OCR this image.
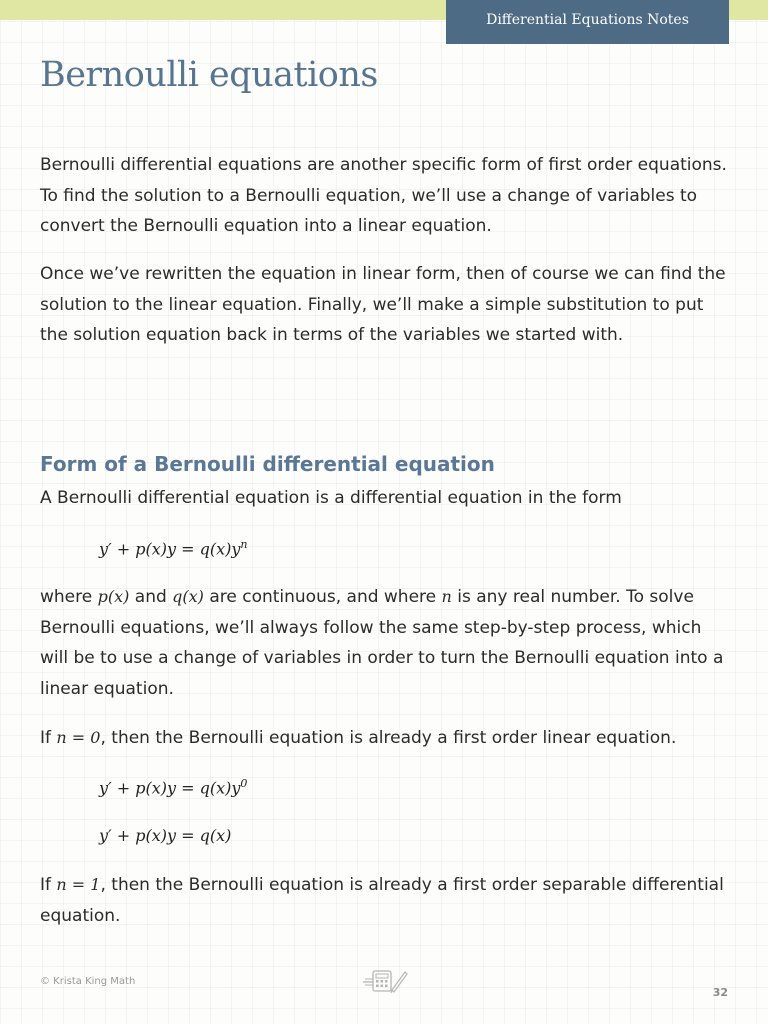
Differential Equations Notes
Bernoulli equations

Bernoulli differential equations are another specific form of first order equations. To find the solution to a Bernoulli equation, we’ll use a change of variables to convert the Bernoulli equation into a linear equation.

Once we’ve rewritten the equation in linear form, then of course we can find the solution to the linear equation. Finally, we’ll make a simple substitution to put the solution equation back in terms of the variables we started with.

Form of a Bernoulli differential equation

A Bernoulli differential equation is a differential equation in the form

$y' + p(x)y = q(x)y^n$

where p(x) and q(x) are continuous, and where n is any real number. To solve Bernoulli equations, we’ll always follow the same step-by-step process, which will be to use a change of variables in order to turn the Bernoulli equation into a linear equation.

If n = 0, then the Bernoulli equation is already a first order linear equation.

$y' + p(x)y = q(x)y^0$
y′ + p(x)y = q(x)

If n = 1, then the Bernoulli equation is already a first order separable differential equation.

© Krista King Math
32
